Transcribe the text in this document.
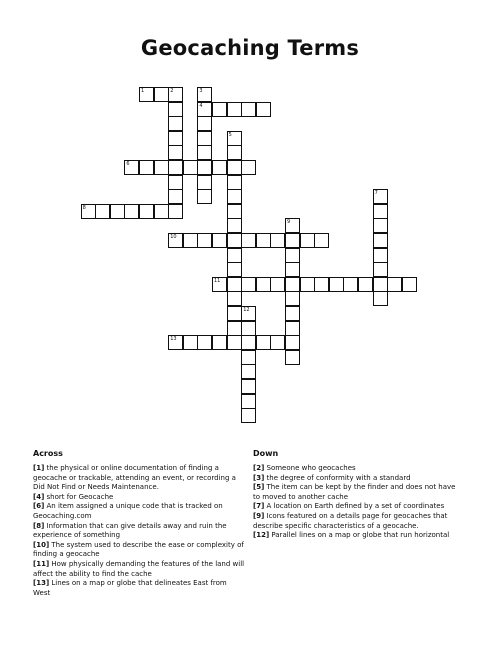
Geocaching Terms
1	2	3
4
5
6
7
8
9
10
11
12
13
Across
[1] the physical or online documentation of finding a geocache or trackable, attending an event, or recording a Did Not Find or Needs Maintenance.
[4] short for Geocache
[6] An item assigned a unique code that is tracked on Geocaching.com
[8] Information that can give details away and ruin the experience of something
[10] The system used to describe the ease or complexity of finding a geocache
[11] How physically demanding the features of the land will affect the ability to find the cache
[13] Lines on a map or globe that delineates East from West
Down
[2] Someone who geocaches
[3] the degree of conformity with a standard
[5] The item can be kept by the finder and does not have to moved to another cache
[7] A location on Earth defined by a set of coordinates
[9] Icons featured on a details page for geocaches that describe specific characteristics of a geocache.
[12] Parallel lines on a map or globe that run horizontal
